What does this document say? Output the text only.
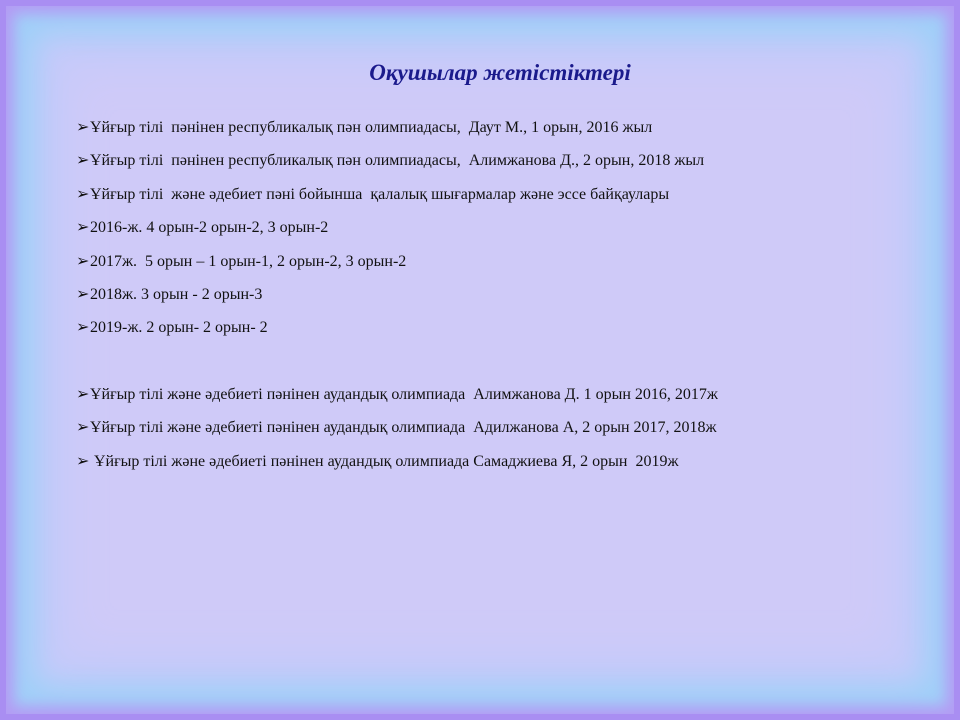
Оқушылар жетістіктері
➢Ұйғыр тілі  пәнінен республикалық пән олимпиадасы,  Даут М., 1 орын, 2016 жыл
➢Ұйғыр тілі  пәнінен республикалық пән олимпиадасы,  Алимжанова Д., 2 орын, 2018 жыл
➢Ұйғыр тілі  және әдебиет пәні бойынша  қалалық шығармалар және эссе байқаулары
➢2016-ж. 4 орын-2 орын-2, 3 орын-2
➢2017ж.  5 орын – 1 орын-1, 2 орын-2, 3 орын-2
➢2018ж. 3 орын - 2 орын-3
➢2019-ж. 2 орын- 2 орын- 2
➢Ұйғыр тілі және әдебиеті пәнінен аудандық олимпиада  Алимжанова Д. 1 орын 2016, 2017ж
➢Ұйғыр тілі және әдебиеті пәнінен аудандық олимпиада  Адилжанова А, 2 орын 2017, 2018ж
➢ Ұйғыр тілі және әдебиеті пәнінен аудандық олимпиада Самаджиева Я, 2 орын  2019ж
